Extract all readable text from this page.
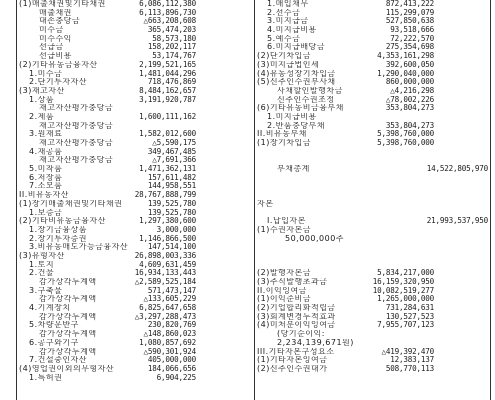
(1)매출채권및기타채권	6,086,112,380
매출채권	6,113,896,730
대손충당금	△663,208,608
미수금	365,474,203
미수수익	58,573,180
선급금	158,202,117
선급비용	53,174,767
(2)기타유동금융자산	2,199,521,165
1.미수금	1,481,044,296
2.단기투자자산	718,476,869
(3)재고자산	8,484,162,657
1.상품	3,191,920,787
재고자산평가충당금
2.제품	1,600,111,162
재고자산평가충당금
3.원재료	1,582,012,600
재고자산평가충당금	△5,590,175
4.재공품	349,467,485
재고자산평가충당금	△7,691,366
5.미착품	1,471,362,131
6.저장품	157,611,482
7.소모품	144,958,551
II.비유동자산	28,767,888,799
(1)장기매출채권및기타채권	139,525,780
1.보증금	139,525,780
(2)기타비유동금융자산	1,297,380,600
1.장기금융상품	3,000,000
2.장기투자증권	1,146,866,500
3.비유동매도가능금융자산	147,514,100
(3)유형자산	26,898,003,336
1.토지	4,609,631,459
2.건물	16,934,133,443
감가상각누계액	△2,589,525,184
3.구축물	571,473,147
감가상각누계액	△133,605,229
4.기계장치	6,825,647,658
감가상각누계액	△3,297,288,473
5.차량운반구	230,820,769
감가상각누계액	△148,860,023
6.공구와기구	1,080,857,692
감가상각누계액	△590,301,924
7.건설중인자산	405,000,000
(4)영업권이외의무형자산	184,066,656
1.특허권	6,904,225
1.매입채무	872,413,222
2.선수금	115,299,079
3.미지급금	527,850,638
4.미지급비용	93,518,666
5.예수금	72,222,570
6.미지급배당금	275,354,698
(2)단기차입금	4,353,161,298
(3)미지급법인세	392,600,050
(4)유동성장기차입금	1,290,040,000
(5)신주인수권부사채	860,000,000
사채할인발행차금	△4,216,298
신주인수권조정	△78,002,226
(6)기타유동비금융부채	353,804,273
1.미지급비용
2.반품충당부채	353,804,273
II.비유동부채	5,398,760,000
(1)장기차입금	5,398,760,000
부채총계	14,522,805,970
자본
I.납입자본	21,993,537,950
(1)수권자본금
50,000,000주
(2)발행자본금	5,834,217,000
(3)주식발행초과금	16,159,320,950
II.이익잉여금	10,082,519,277
(1)이익준비금	1,265,000,000
(2)기업합리화적립금	731,284,631
(3)회계변경누적효과	130,527,523
(4)미처분이익잉여금	7,955,707,123
(당기순이익:
2,234,139,671원)
III.기타자본구성요소	△419,392,470
(1)기타자본잉여금	12,383,137
(2)신주인수권대가	508,770,113
